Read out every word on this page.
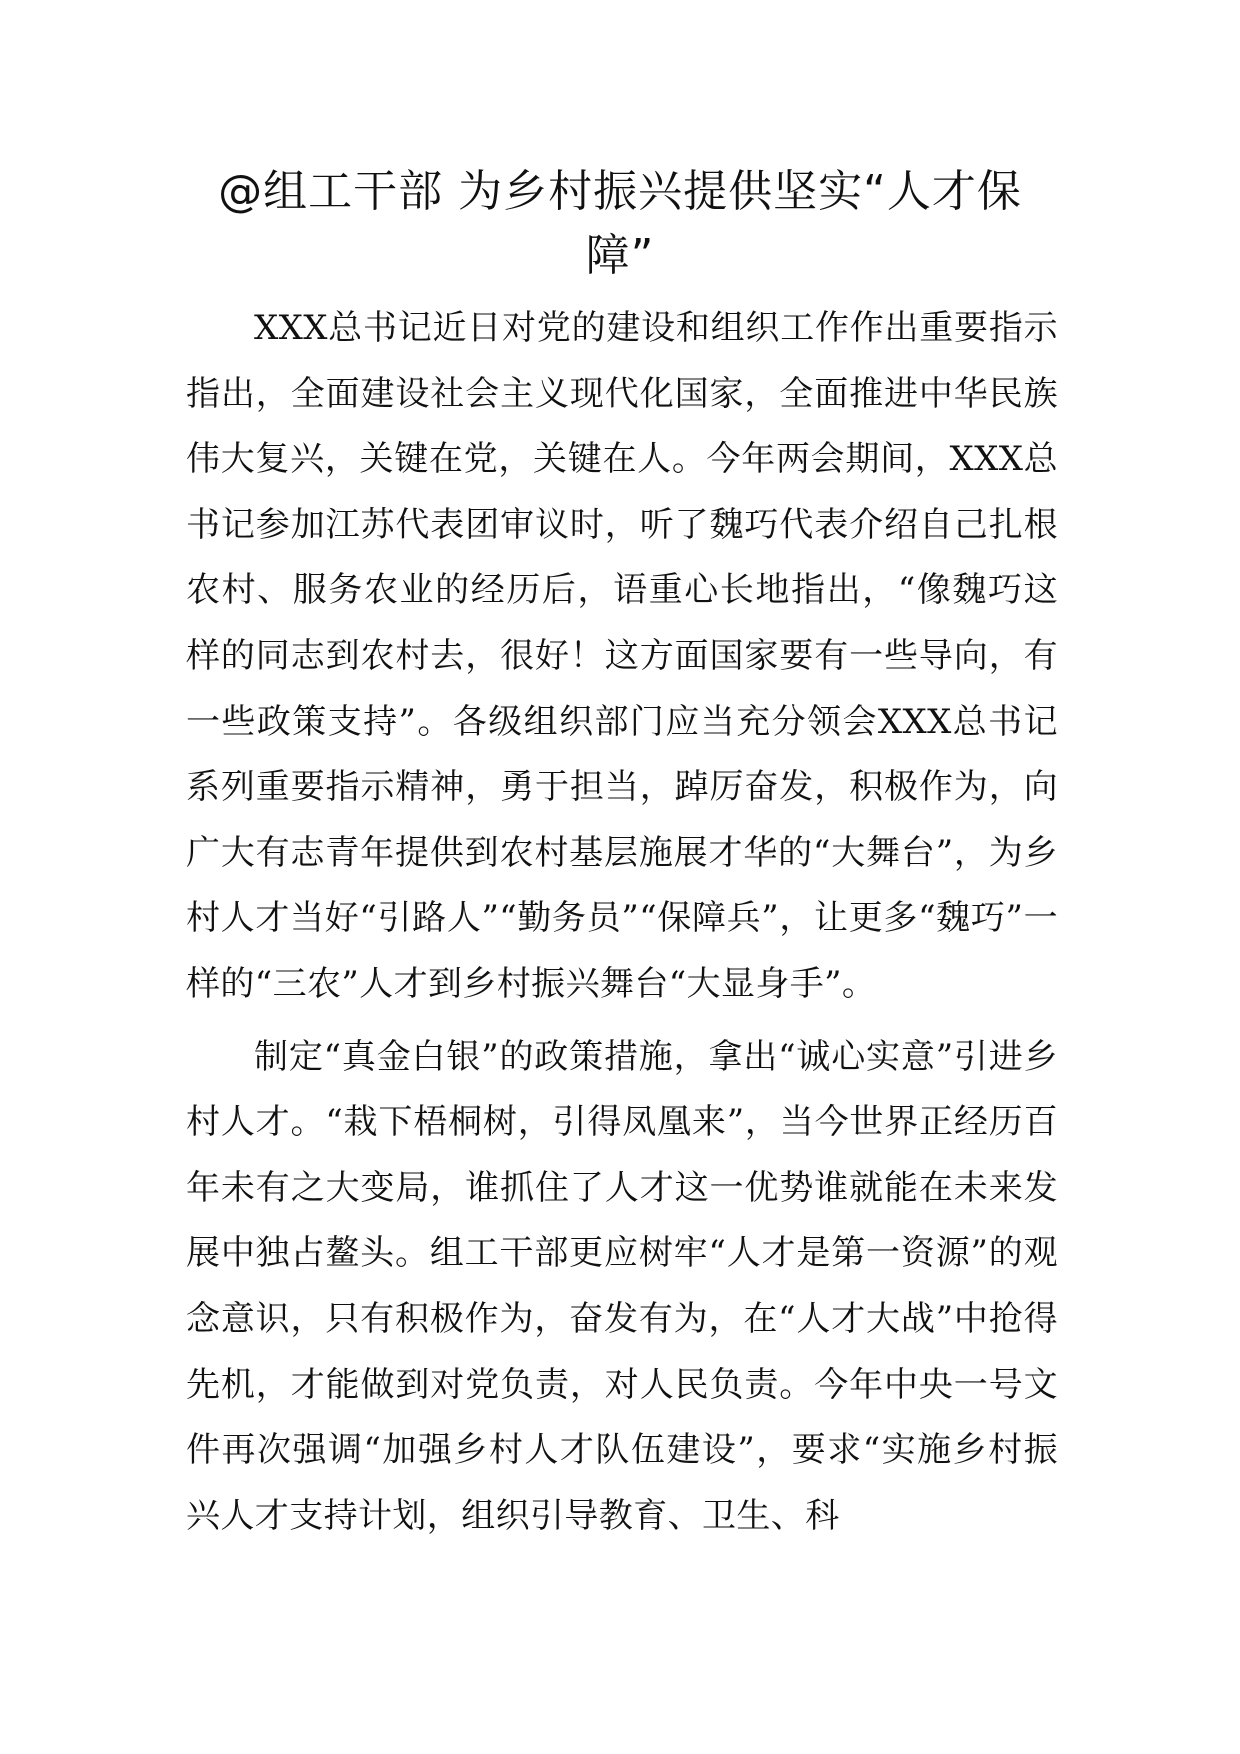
@组工干部 为乡村振兴提供坚实“人才保障”

XXX总书记近日对党的建设和组织工作作出重要指示指出，全面建设社会主义现代化国家，全面推进中华民族伟大复兴，关键在党，关键在人。今年两会期间，XXX总书记参加江苏代表团审议时，听了魏巧代表介绍自己扎根农村、服务农业的经历后，语重心长地指出，“像魏巧这样的同志到农村去，很好！这方面国家要有一些导向，有一些政策支持”。各级组织部门应当充分领会XXX总书记系列重要指示精神，勇于担当，踔厉奋发，积极作为，向广大有志青年提供到农村基层施展才华的“大舞台”，为乡村人才当好“引路人”“勤务员”“保障兵”，让更多“魏巧”一样的“三农”人才到乡村振兴舞台“大显身手”。

制定“真金白银”的政策措施，拿出“诚心实意”引进乡村人才。“栽下梧桐树，引得凤凰来”，当今世界正经历百年未有之大变局，谁抓住了人才这一优势谁就能在未来发展中独占鳌头。组工干部更应树牢“人才是第一资源”的观念意识，只有积极作为，奋发有为，在“人才大战”中抢得先机，才能做到对党负责，对人民负责。今年中央一号文件再次强调“加强乡村人才队伍建设”，要求“实施乡村振兴人才支持计划，组织引导教育、卫生、科
